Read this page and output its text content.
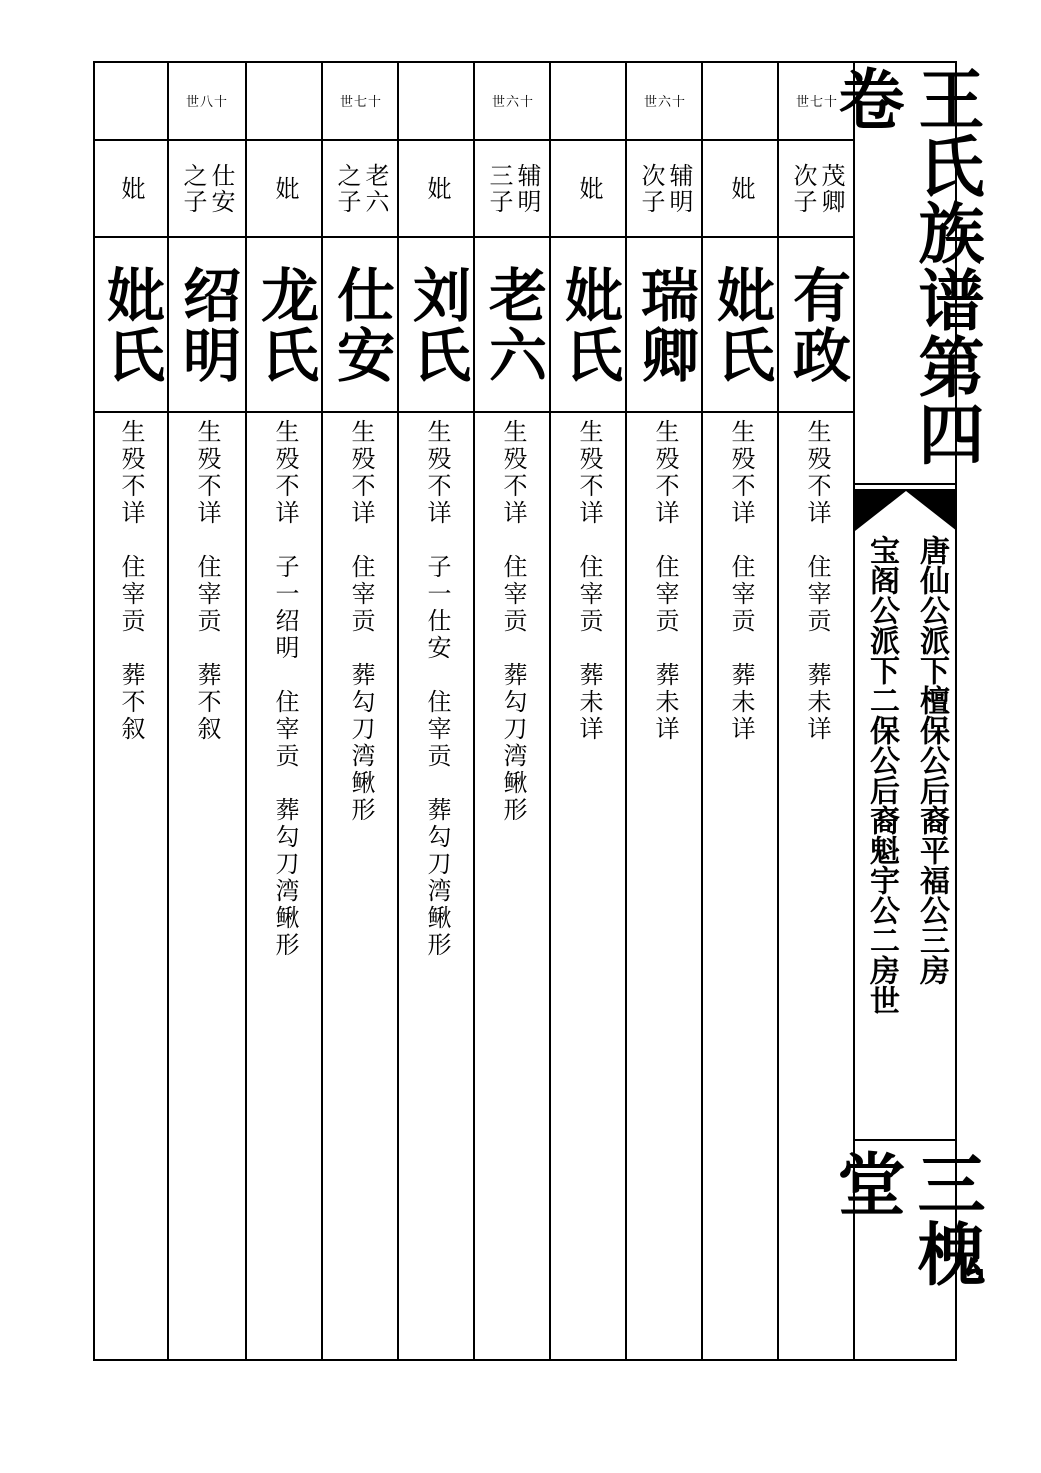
世七十
茂卿
次子
有政
生殁不详　住宰贡　葬未详
妣
妣氏
生殁不详　住宰贡　葬未详
世六十
辅明
次子
瑞卿
生殁不详　住宰贡　葬未详
妣
妣氏
生殁不详　住宰贡　葬未详
世六十
辅明
三子
老六
生殁不详　住宰贡　葬勾刀湾鳅形
妣
刘氏
生殁不详　子一仕安　住宰贡　葬勾刀湾鳅形
世七十
老六
之子
仕安
生殁不详　住宰贡　葬勾刀湾鳅形
妣
龙氏
生殁不详　子一绍明　住宰贡　葬勾刀湾鳅形
世八十
仕安
之子
绍明
生殁不详　住宰贡　葬不叙
妣
妣氏
生殁不详　住宰贡　葬不叙
王氏族谱第四卷
唐仙公派下檀保公后裔平福公三房
宝阁公派下二保公后裔魁宇公二房世
三槐堂
